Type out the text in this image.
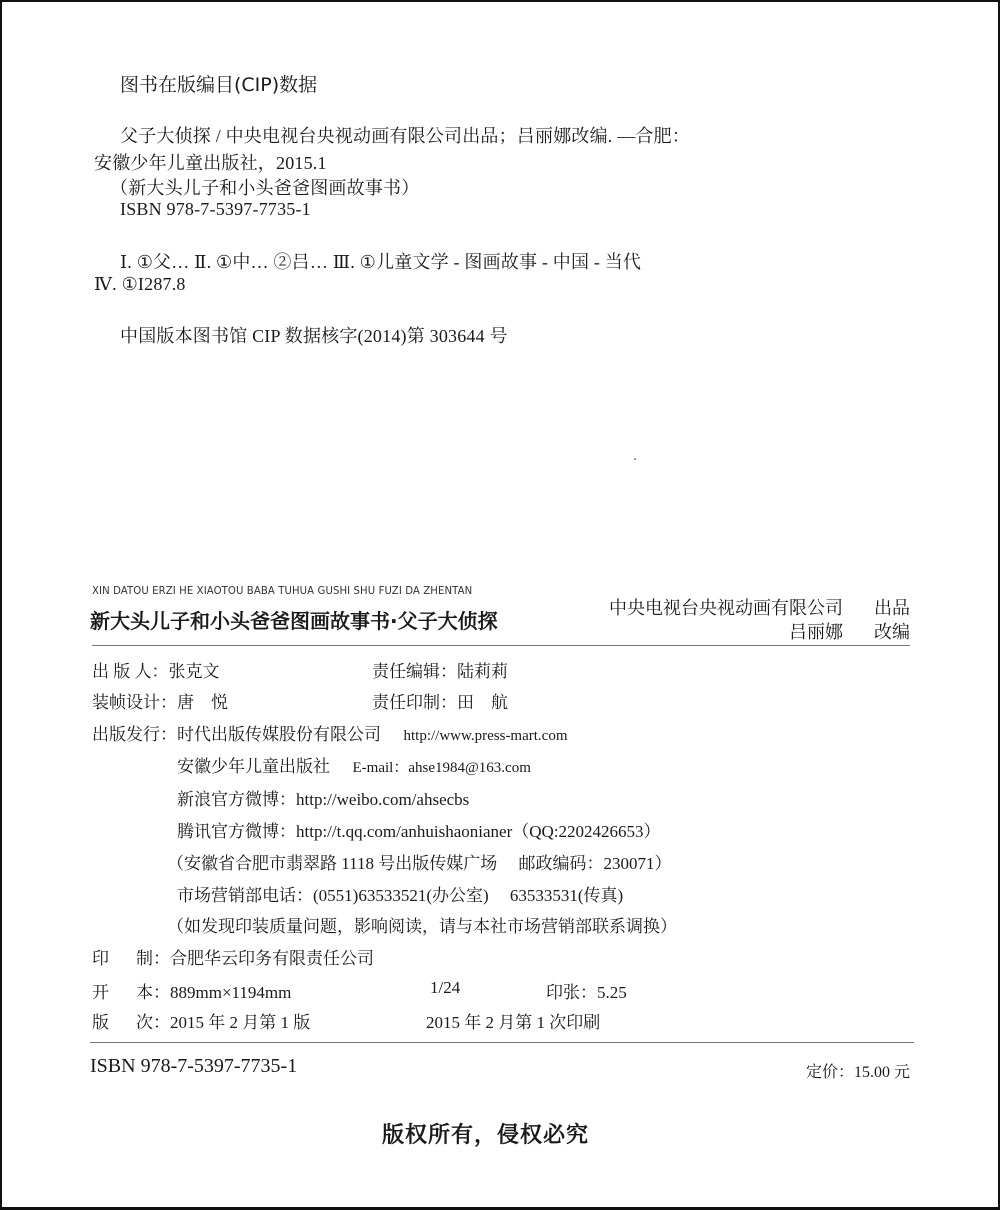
图书在版编目(CIP)数据
父子大侦探 / 中央电视台央视动画有限公司出品；吕丽娜改编. —合肥：
安徽少年儿童出版社，2015.1
（新大头儿子和小头爸爸图画故事书）
ISBN 978-7-5397-7735-1
Ⅰ. ①父… Ⅱ. ①中… ②吕… Ⅲ. ①儿童文学 - 图画故事 - 中国 - 当代
Ⅳ. ①I287.8
中国版本图书馆 CIP 数据核字(2014)第 303644 号
XIN DATOU ERZI HE XIAOTOU BABA TUHUA GUSHI SHU FUZI DA ZHENTAN
新大头儿子和小头爸爸图画故事书·父子大侦探
中央电视台央视动画有限公司 出品
吕丽娜 改编
出 版 人：张克文	责任编辑：陆莉莉
装帧设计：唐　悦	责任印制：田　航
出版发行：时代出版传媒股份有限公司 http://www.press-mart.com
安徽少年儿童出版社 E-mail：ahse1984@163.com
新浪官方微博：http://weibo.com/ahsecbs
腾讯官方微博：http://t.qq.com/anhuishaonianer（QQ:2202426653）
（安徽省合肥市翡翠路 1118 号出版传媒广场　 邮政编码：230071）
市场营销部电话：(0551)63533521(办公室)　 63533531(传真)
（如发现印装质量问题，影响阅读，请与本社市场营销部联系调换）
印 制：合肥华云印务有限责任公司
开 本：889mm×1194mm	1/24	印张：5.25
版 次：2015 年 2 月第 1 版	2015 年 2 月第 1 次印刷
ISBN 978-7-5397-7735-1	定价：15.00 元
版权所有，侵权必究
